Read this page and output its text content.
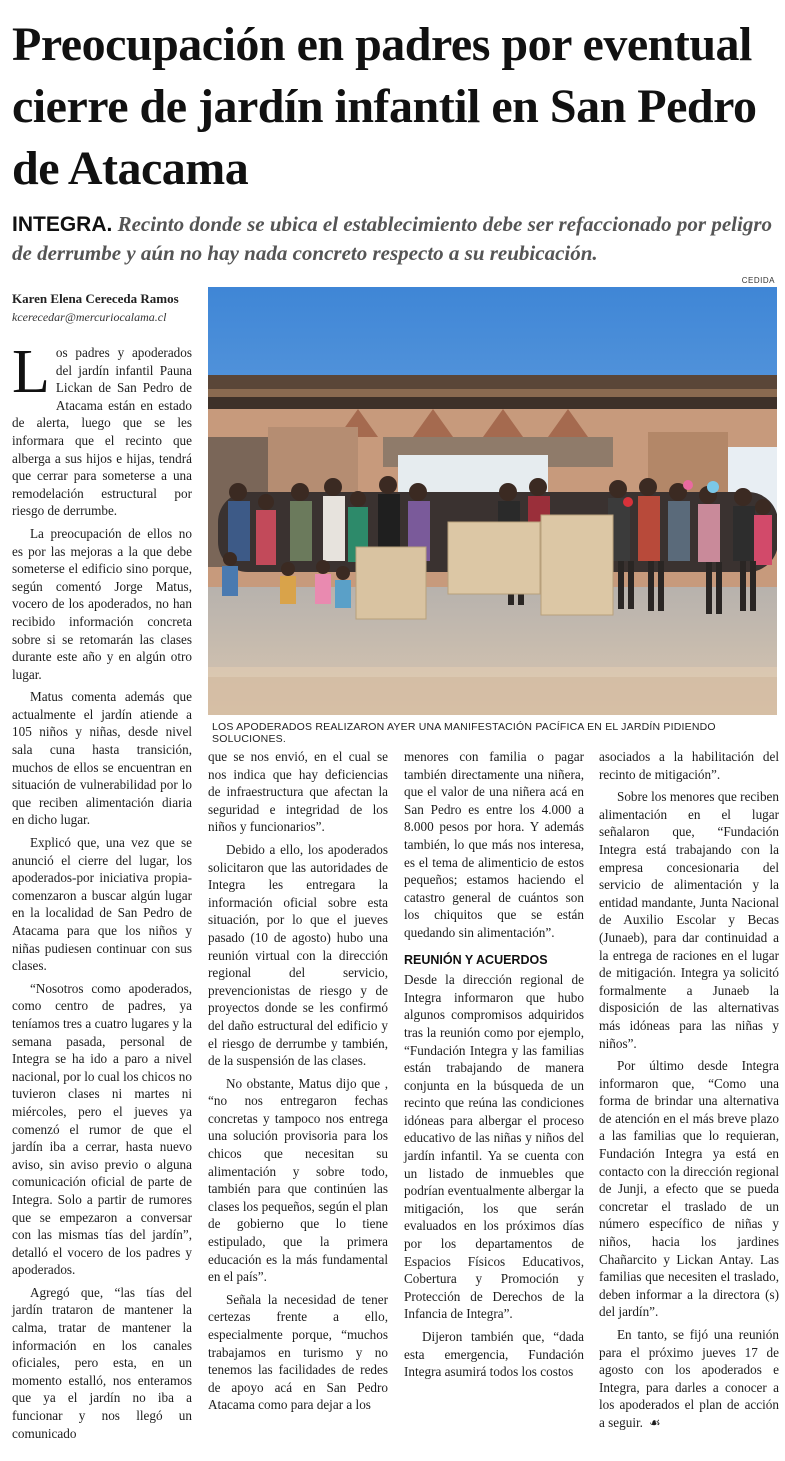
Preocupación en padres por eventual cierre de jardín infantil en San Pedro de Atacama
INTEGRA. Recinto donde se ubica el establecimiento debe ser refaccionado por peligro de derrumbe y aún no hay nada concreto respecto a su reubicación.
CEDIDA
Karen Elena Cereceda Ramos
kcerecedar@mercuriocalama.cl
LOS APODERADOS REALIZARON AYER UNA MANIFESTACIÓN PACÍFICA EN EL JARDÍN PIDIENDO SOLUCIONES.

Los padres y apoderados del jardín infantil Pauna Lickan de San Pedro de Atacama están en estado de alerta, luego que se les informara que el recinto que alberga a sus hijos e hijas, tendrá que cerrar para someterse a una remodelación estructural por riesgo de derrumbe.

La preocupación de ellos no es por las mejoras a la que debe someterse el edificio sino porque, según comentó Jorge Matus, vocero de los apoderados, no han recibido información concreta sobre si se retomarán las clases durante este año y en algún otro lugar.

Matus comenta además que actualmente el jardín atiende a 105 niños y niñas, desde nivel sala cuna hasta transición, muchos de ellos se encuentran en situación de vulnerabilidad por lo que reciben alimentación diaria en dicho lugar.

Explicó que, una vez que se anunció el cierre del lugar, los apoderados-por iniciativa propia-comenzaron a buscar algún lugar en la localidad de San Pedro de Atacama para que los niños y niñas pudiesen continuar con sus clases.

“Nosotros como apoderados, como centro de padres, ya teníamos tres a cuatro lugares y la semana pasada, personal de Integra se ha ido a paro a nivel nacional, por lo cual los chicos no tuvieron clases ni martes ni miércoles, pero el jueves ya comenzó el rumor de que el jardín iba a cerrar, hasta nuevo aviso, sin aviso previo o alguna comunicación oficial de parte de Integra. Solo a partir de rumores que se empezaron a conversar con las mismas tías del jardín”, detalló el vocero de los padres y apoderados.

Agregó que, “las tías del jardín trataron de mantener la calma, tratar de mantener la información en los canales oficiales, pero esta, en un momento estalló, nos enteramos que ya el jardín no iba a funcionar y nos llegó un comunicado

que se nos envió, en el cual se nos indica que hay deficiencias de infraestructura que afectan la seguridad e integridad de los niños y funcionarios”.

Debido a ello, los apoderados solicitaron que las autoridades de Integra les entregara la información oficial sobre esta situación, por lo que el jueves pasado (10 de agosto) hubo una reunión virtual con la dirección regional del servicio, prevencionistas de riesgo y de proyectos donde se les confirmó del daño estructural del edificio y el riesgo de derrumbe y también, de la suspensión de las clases.

No obstante, Matus dijo que , “no nos entregaron fechas concretas y tampoco nos entrega una solución provisoria para los chicos que necesitan su alimentación y sobre todo, también para que continúen las clases los pequeños, según el plan de gobierno que lo tiene estipulado, que la primera educación es la más fundamental en el país”.

Señala la necesidad de tener certezas frente a ello, especialmente porque, “muchos trabajamos en turismo y no tenemos las facilidades de redes de apoyo acá en San Pedro Atacama como para dejar a los

menores con familia o pagar también directamente una niñera, que el valor de una niñera acá en San Pedro es entre los 4.000 a 8.000 pesos por hora. Y además también, lo que más nos interesa, es el tema de alimenticio de estos pequeños; estamos haciendo el catastro general de cuántos son los chiquitos que se están quedando sin alimentación”.

REUNIÓN Y ACUERDOS

Desde la dirección regional de Integra informaron que hubo algunos compromisos adquiridos tras la reunión como por ejemplo, “Fundación Integra y las familias están trabajando de manera conjunta en la búsqueda de un recinto que reúna las condiciones idóneas para albergar el proceso educativo de las niñas y niños del jardín infantil. Ya se cuenta con un listado de inmuebles que podrían eventualmente albergar la mitigación, los que serán evaluados en los próximos días por los departamentos de Espacios Físicos Educativos, Cobertura y Promoción y Protección de Derechos de la Infancia de Integra”.

Dijeron también que, “dada esta emergencia, Fundación Integra asumirá todos los costos

asociados a la habilitación del recinto de mitigación”.

Sobre los menores que reciben alimentación en el lugar señalaron que, “Fundación Integra está trabajando con la empresa concesionaria del servicio de alimentación y la entidad mandante, Junta Nacional de Auxilio Escolar y Becas (Junaeb), para dar continuidad a la entrega de raciones en el lugar de mitigación. Integra ya solicitó formalmente a Junaeb la disposición de las alternativas más idóneas para las niñas y niños”.

Por último desde Integra informaron que, “Como una forma de brindar una alternativa de atención en el más breve plazo a las familias que lo requieran, Fundación Integra ya está en contacto con la dirección regional de Junji, a efecto que se pueda concretar el traslado de un número específico de niñas y niños, hacia los jardines Chañarcito y Lickan Antay. Las familias que necesiten el traslado, deben informar a la directora (s) del jardín”.

En tanto, se fijó una reunión para el próximo jueves 17 de agosto con los apoderados e Integra, para darles a conocer a los apoderados el plan de acción a seguir. ☙
